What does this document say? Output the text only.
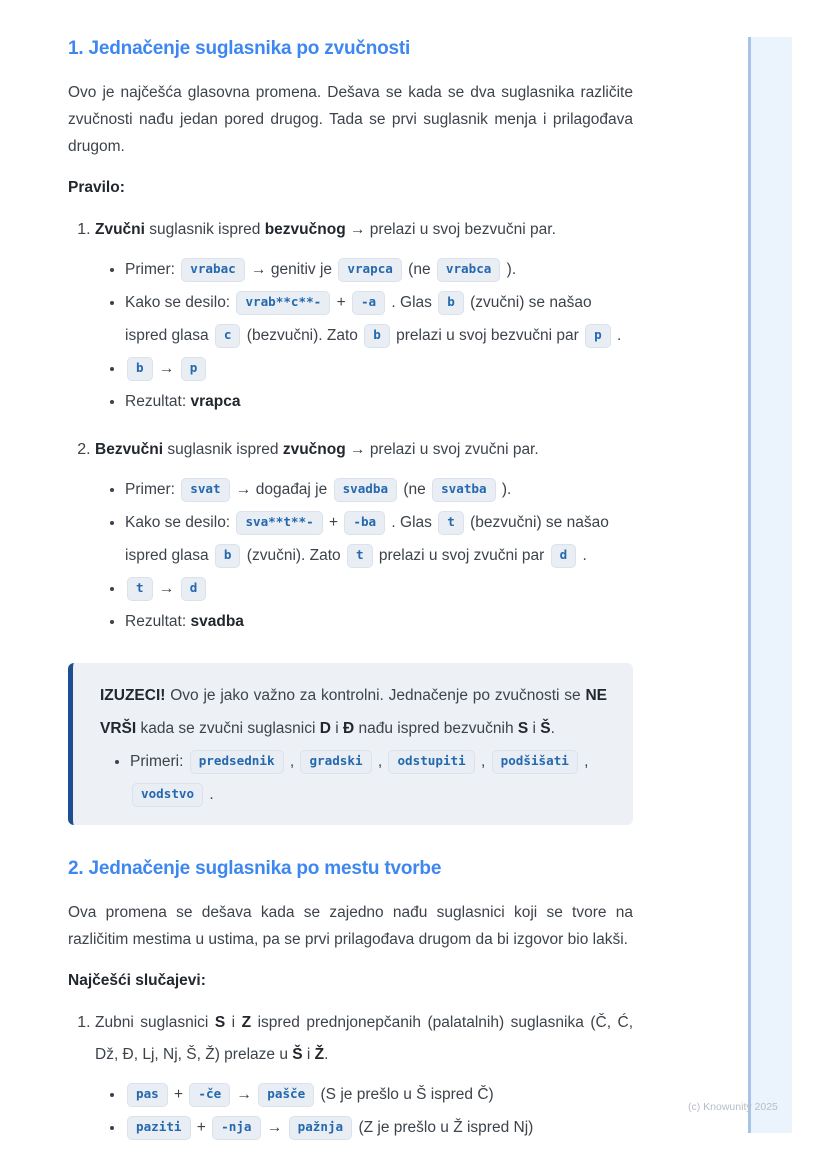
1. Jednačenje suglasnika po zvučnosti

Ovo je najčešća glasovna promena. Dešava se kada se dva suglasnika različite zvučnosti nađu jedan pored drugog. Tada se prvi suglasnik menja i prilagođava drugom.

Pravilo:

1. Zvučni suglasnik ispred bezvučnog → prelazi u svoj bezvučni par.
• Primer: vrabac → genitiv je vrapca (ne vrabca ).
• Kako se desilo: vrab**c**- + -a . Glas b (zvučni) se našao ispred glasa c (bezvučni). Zato b prelazi u svoj bezvučni par p .
• b → p
• Rezultat: vrapca
2. Bezvučni suglasnik ispred zvučnog → prelazi u svoj zvučni par.
• Primer: svat → događaj je svadba (ne svatba ).
• Kako se desilo: sva**t**- + -ba . Glas t (bezvučni) se našao ispred glasa b (zvučni). Zato t prelazi u svoj zvučni par d .
• t → d
• Rezultat: svadba

IZUZECI! Ovo je jako važno za kontrolni. Jednačenje po zvučnosti se NE VRŠI kada se zvučni suglasnici D i Đ nađu ispred bezvučnih S i Š.

• Primeri: predsednik , gradski , odstupiti , podšišati , vodstvo .
2. Jednačenje suglasnika po mestu tvorbe

Ova promena se dešava kada se zajedno nađu suglasnici koji se tvore na različitim mestima u ustima, pa se prvi prilagođava drugom da bi izgovor bio lakši.

Najčešći slučajevi:

1. Zubni suglasnici S i Z ispred prednjonepčanih (palatalnih) suglasnika (Č, Ć, Dž, Đ, Lj, Nj, Š, Ž) prelaze u Š i Ž.
• pas + -če → pašče (S je prešlo u Š ispred Č)
• paziti + -nja → pažnja (Z je prešlo u Ž ispred Nj)
(c) Knowunity 2025
